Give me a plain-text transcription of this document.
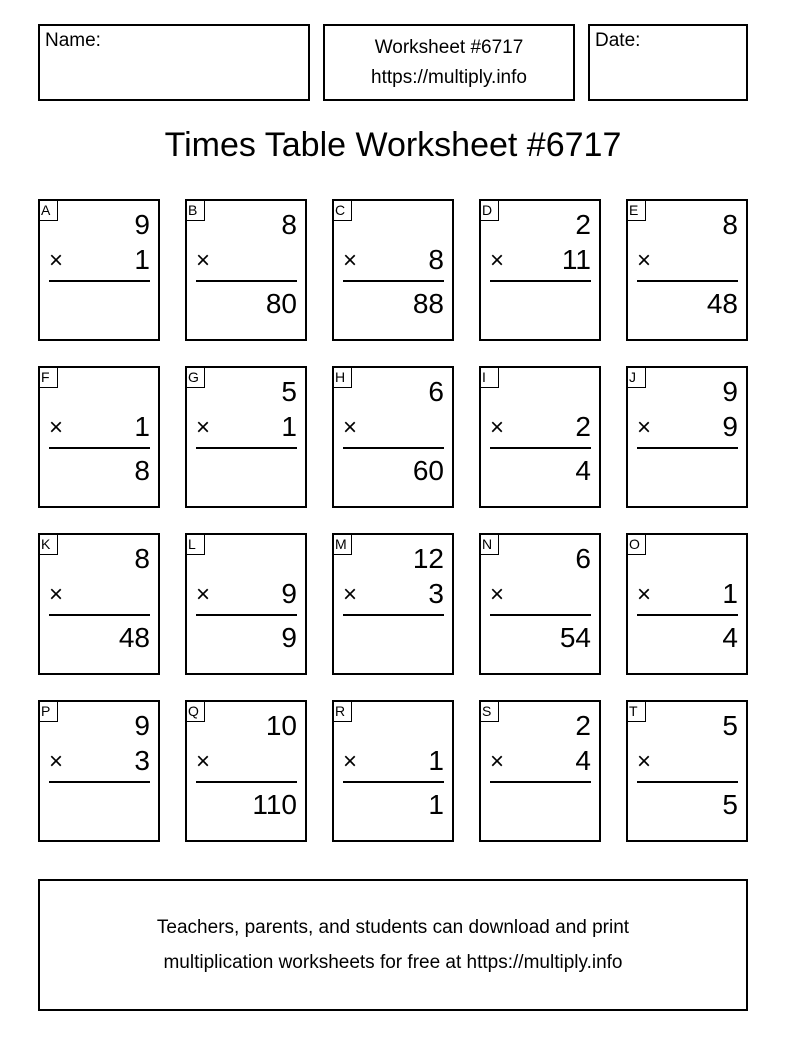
Name:	Worksheet #6717
https://multiply.info
Date:
Times Table Worksheet #6717
A	9
×	1
B	8
×
80
C
×	8
88
D	2
× 11
E	8
×
48
F
×	1
8
G	5
×	1
H	6
×
60
I
×	2
4
J	9
×	9
K	8
×
48
L
×	9
9
M 12
×	3
N	6
×
54
O
×	1
4
P	9
×	3
Q 10
×
110
R
×	1
1
S	2
×	4
T	5
×
5
Teachers, parents, and students can download and print
multiplication worksheets for free at https://multiply.info
